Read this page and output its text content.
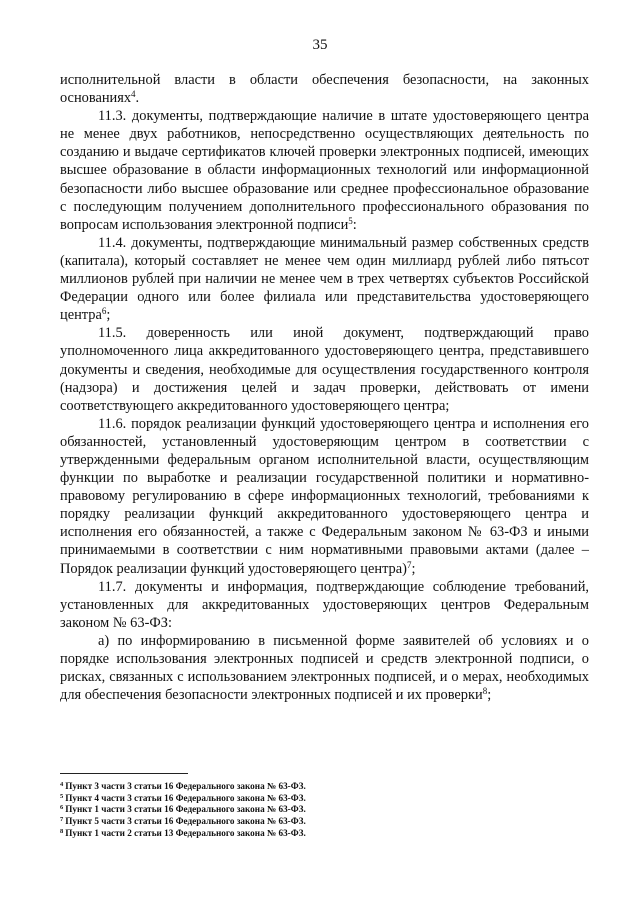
35

исполнительной власти в области обеспечения безопасности, на законных основаниях$^4$.

11.3. документы, подтверждающие наличие в штате удостоверяющего центра не менее двух работников, непосредственно осуществляющих деятельность по созданию и выдаче сертификатов ключей проверки электронных подписей, имеющих высшее образование в области информационных технологий или информационной безопасности либо высшее образование или среднее профессиональное образование с последующим получением дополнительного профессионального образования по вопросам использования электронной подписи$^5$:

11.4. документы, подтверждающие минимальный размер собственных средств (капитала), который составляет не менее чем один миллиард рублей либо пятьсот миллионов рублей при наличии не менее чем в трех четвертях субъектов Российской Федерации одного или более филиала или представительства удостоверяющего центра$^6$;

11.5. доверенность или иной документ, подтверждающий право уполномоченного лица аккредитованного удостоверяющего центра, представившего документы и сведения, необходимые для осуществления государственного контроля (надзора) и достижения целей и задач проверки, действовать от имени соответствующего аккредитованного удостоверяющего центра;

11.6. порядок реализации функций удостоверяющего центра и исполнения его обязанностей, установленный удостоверяющим центром в соответствии с утвержденными федеральным органом исполнительной власти, осуществляющим функции по выработке и реализации государственной политики и нормативно-правовому регулированию в сфере информационных технологий, требованиями к порядку реализации функций аккредитованного удостоверяющего центра и исполнения его обязанностей, а также с Федеральным законом № 63-ФЗ и иными принимаемыми в соответствии с ним нормативными правовыми актами (далее – Порядок реализации функций удостоверяющего центра)$^7$;

11.7. документы и информация, подтверждающие соблюдение требований, установленных для аккредитованных удостоверяющих центров Федеральным законом № 63-ФЗ:

а) по информированию в письменной форме заявителей об условиях и о порядке использования электронных подписей и средств электронной подписи, о рисках, связанных с использованием электронных подписей, и о мерах, необходимых для обеспечения безопасности электронных подписей и их проверки$^8$;

$^4$ Пункт 3 части 3 статьи 16 Федерального закона № 63-ФЗ.

$^5$ Пункт 4 части 3 статьи 16 Федерального закона № 63-ФЗ.

$^6$ Пункт 1 части 3 статьи 16 Федерального закона № 63-ФЗ.

$^7$ Пункт 5 части 3 статьи 16 Федерального закона № 63-ФЗ.

$^8$ Пункт 1 части 2 статьи 13 Федерального закона № 63-ФЗ.
